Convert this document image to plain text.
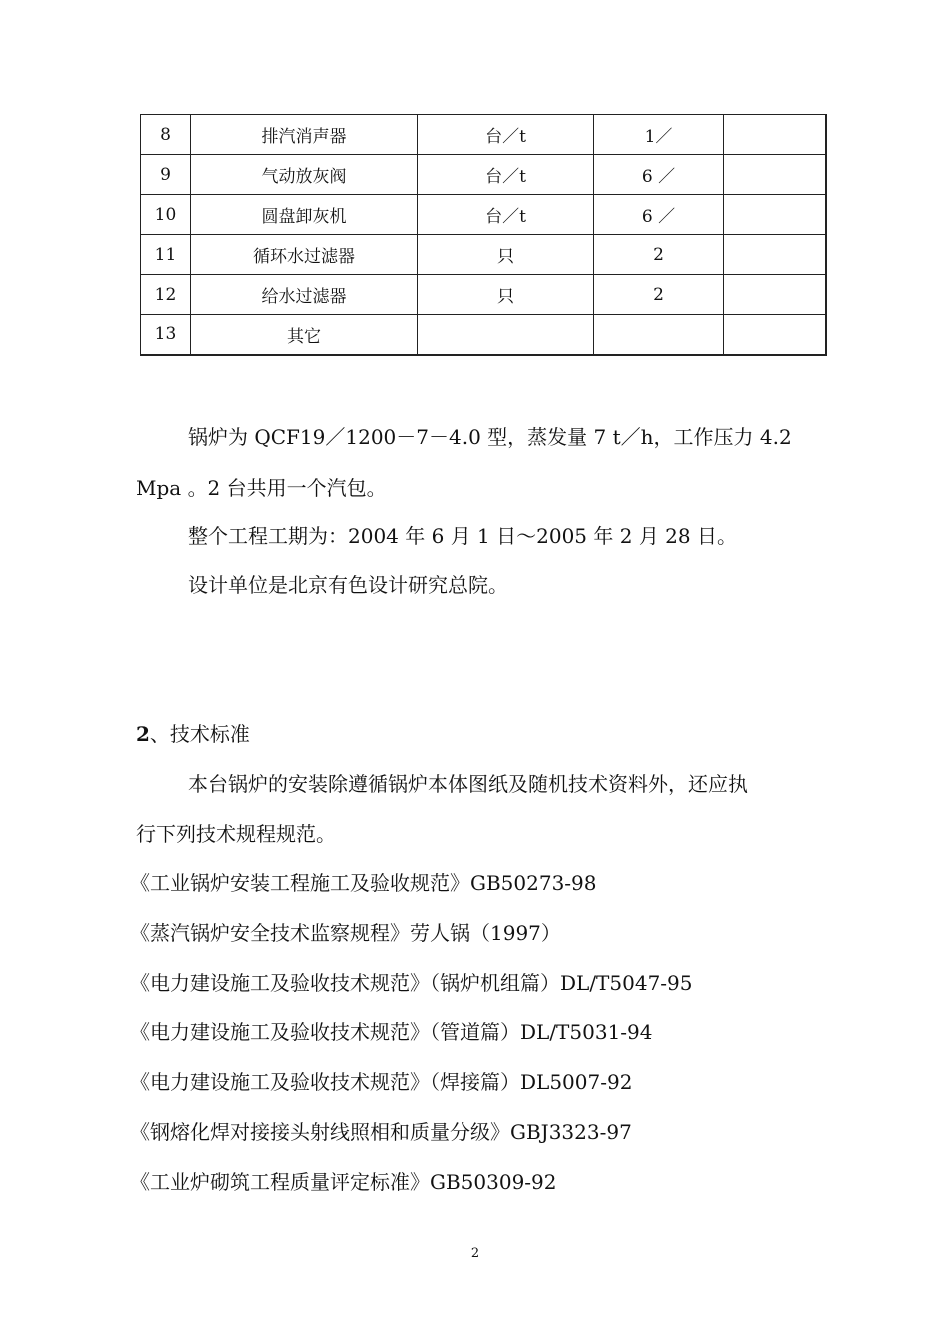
8	排汽消声器	台／t	1／	
9	气动放灰阀	台／t	6 ／	
10	圆盘卸灰机	台／t	6 ／	
11	循环水过滤器	只	2	
12	给水过滤器	只	2	
13	其它			
锅炉为 QCF19／1200－7－4.0 型，蒸发量 7 t／h，工作压力 4.2
Mpa 。2 台共用一个汽包。
整个工程工期为：2004 年 6 月 1 日～2005 年 2 月 28 日。
设计单位是北京有色设计研究总院。
2、技术标准
本台锅炉的安装除遵循锅炉本体图纸及随机技术资料外，还应执
行下列技术规程规范。
《工业锅炉安装工程施工及验收规范》GB50273-98
《蒸汽锅炉安全技术监察规程》劳人锅（1997）
《电力建设施工及验收技术规范》（锅炉机组篇）DL/T5047-95
《电力建设施工及验收技术规范》（管道篇）DL/T5031-94
《电力建设施工及验收技术规范》（焊接篇）DL5007-92
《钢熔化焊对接接头射线照相和质量分级》GBJ3323-97
《工业炉砌筑工程质量评定标准》GB50309-92
2
